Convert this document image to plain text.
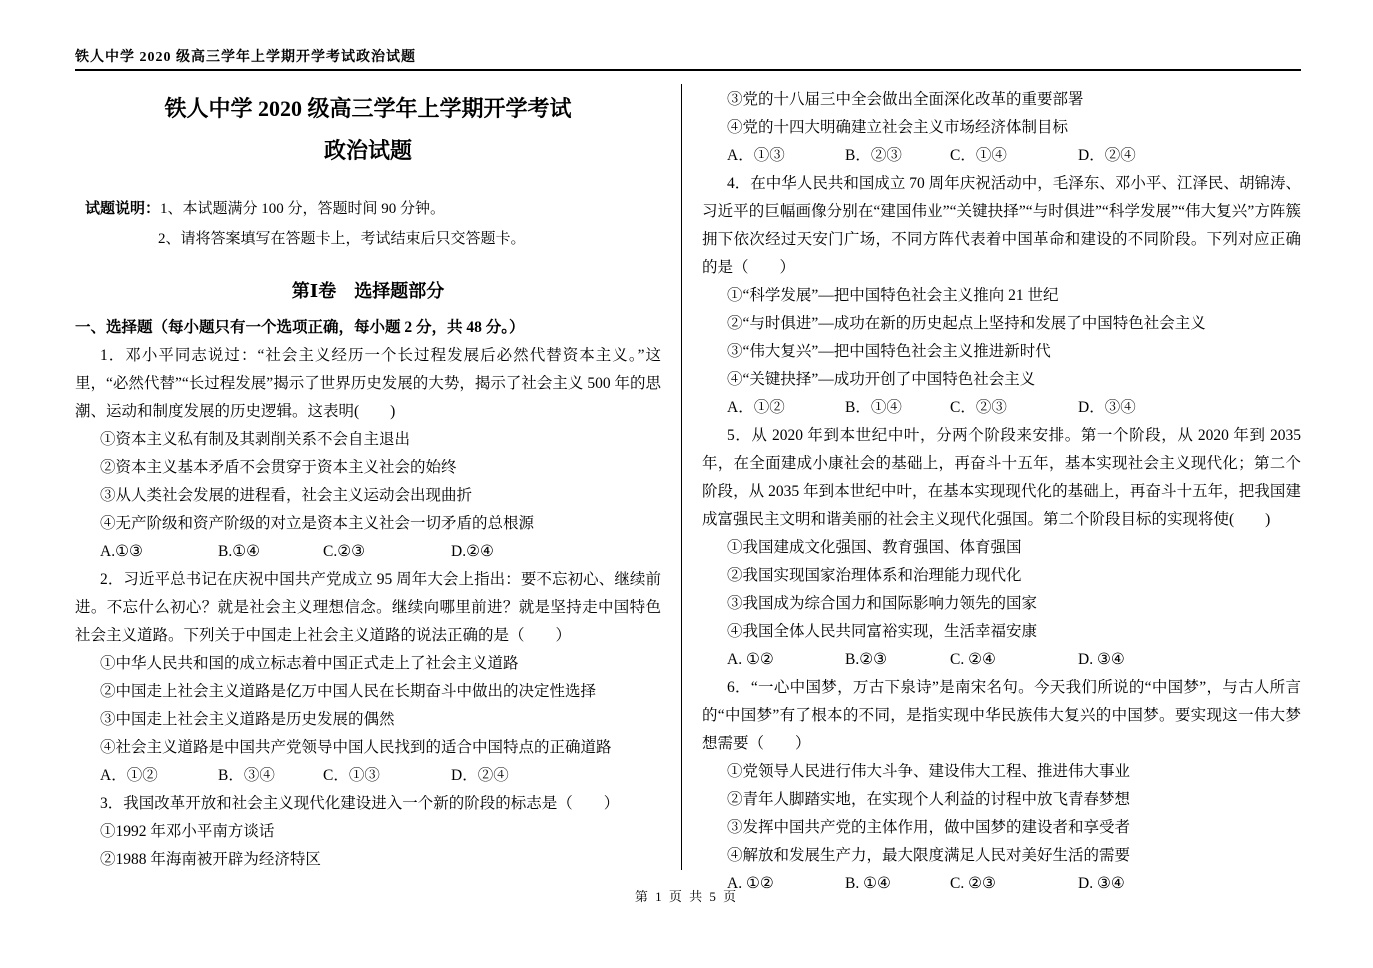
铁人中学 2020 级高三学年上学期开学考试政治试题
铁人中学 2020 级高三学年上学期开学考试
政治试题
试题说明：1、本试题满分 100 分，答题时间 90 分钟。
2、请将答案填写在答题卡上，考试结束后只交答题卡。
第Ⅰ卷　选择题部分
一、选择题（每小题只有一个选项正确，每小题 2 分，共 48 分。）

1．邓小平同志说过：“社会主义经历一个长过程发展后必然代替资本主义。”这里，“必然代替”“长过程发展”揭示了世界历史发展的大势，揭示了社会主义 500 年的思潮、运动和制度发展的历史逻辑。这表明(　　)

①资本主义私有制及其剥削关系不会自主退出

②资本主义基本矛盾不会贯穿于资本主义社会的始终

③从人类社会发展的进程看，社会主义运动会出现曲折

④无产阶级和资产阶级的对立是资本主义社会一切矛盾的总根源

A.①③	B.①④	C.②③	D.②④

2．习近平总书记在庆祝中国共产党成立 95 周年大会上指出：要不忘初心、继续前进。不忘什么初心？就是社会主义理想信念。继续向哪里前进？就是坚持走中国特色社会主义道路。下列关于中国走上社会主义道路的说法正确的是（　　）

①中华人民共和国的成立标志着中国正式走上了社会主义道路

②中国走上社会主义道路是亿万中国人民在长期奋斗中做出的决定性选择

③中国走上社会主义道路是历史发展的偶然

④社会主义道路是中国共产党领导中国人民找到的适合中国特点的正确道路

A．①②	B．③④	C．①③	D．②④

3．我国改革开放和社会主义现代化建设进入一个新的阶段的标志是（　　）

①1992 年邓小平南方谈话

②1988 年海南被开辟为经济特区

③党的十八届三中全会做出全面深化改革的重要部署

④党的十四大明确建立社会主义市场经济体制目标

A．①③	B．②③	C．①④	D．②④

4．在中华人民共和国成立 70 周年庆祝活动中，毛泽东、邓小平、江泽民、胡锦涛、习近平的巨幅画像分别在“建国伟业”“关键抉择”“与时俱进”“科学发展”“伟大复兴”方阵簇拥下依次经过天安门广场，不同方阵代表着中国革命和建设的不同阶段。下列对应正确的是（　　）

①“科学发展”—把中国特色社会主义推向 21 世纪

②“与时俱进”—成功在新的历史起点上坚持和发展了中国特色社会主义

③“伟大复兴”—把中国特色社会主义推进新时代

④“关键抉择”—成功开创了中国特色社会主义

A．①②	B．①④	C．②③	D．③④

5．从 2020 年到本世纪中叶，分两个阶段来安排。第一个阶段，从 2020 年到 2035 年，在全面建成小康社会的基础上，再奋斗十五年，基本实现社会主义现代化；第二个阶段，从 2035 年到本世纪中叶，在基本实现现代化的基础上，再奋斗十五年，把我国建成富强民主文明和谐美丽的社会主义现代化强国。第二个阶段目标的实现将使(　　)

①我国建成文化强国、教育强国、体育强国

②我国实现国家治理体系和治理能力现代化

③我国成为综合国力和国际影响力领先的国家

④我国全体人民共同富裕实现，生活幸福安康

A. ①②	B.②③	C. ②④	D. ③④

6．“一心中国梦，万古下泉诗”是南宋名句。今天我们所说的“中国梦”，与古人所言的“中国梦”有了根本的不同，是指实现中华民族伟大复兴的中国梦。要实现这一伟大梦想需要（　　）

①党领导人民进行伟大斗争、建设伟大工程、推进伟大事业

②青年人脚踏实地，在实现个人利益的讨程中放飞青春梦想

③发挥中国共产党的主体作用，做中国梦的建设者和享受者

④解放和发展生产力，最大限度满足人民对美好生活的需要

A. ①②	B. ①④	C. ②③	D. ③④
第 1 页 共 5 页
